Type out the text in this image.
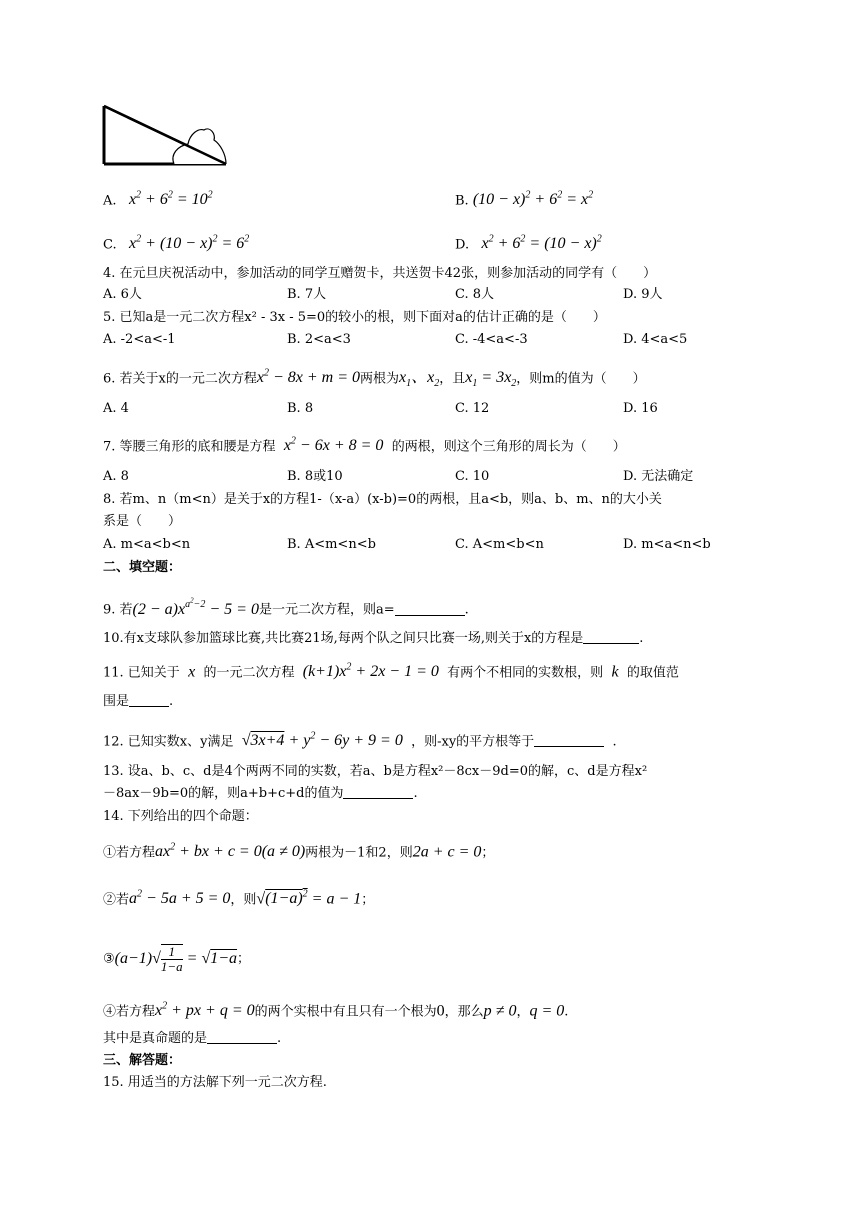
A. $x^2 + 6^2 = 10^2$	B. $(10 - x)^2 + 6^2 = x^2$
C. $x^2 + (10 - x)^2 = 6^2$	D. $x^2 + 6^2 = (10 - x)^2$
4. 在元旦庆祝活动中，参加活动的同学互赠贺卡，共送贺卡42张，则参加活动的同学有（　　）
A. 6人	B. 7人	C. 8人	D. 9人
5. 已知a是一元二次方程x² - 3x - 5=0的较小的根，则下面对a的估计正确的是（　　）
A. -2<a<-1	B. 2<a<3	C. -4<a<-3	D. 4<a<5
6. 若关于x的一元二次方程$x^2 - 8x + m = 0$两根为$x_1$、$x_2$，且$x_1 = 3x_2$，则m的值为（　　）
A. 4	B. 8	C. 12	D. 16
7. 等腰三角形的底和腰是方程 $x^2 - 6x + 8 = 0$ 的两根，则这个三角形的周长为（　　）
A. 8	B. 8或10	C. 10	D. 无法确定
8. 若m、n（m<n）是关于x的方程1-（x-a）(x-b)=0的两根，且a<b，则a、b、m、n的大小关
系是（　　）
A. m<a<b<n	B. A<m<n<b	C. A<m<b<n	D. m<a<n<b
二、填空题：
9. 若$(2 - a)x^{a^2-2} - 5 = 0$是一元二次方程，则a=	.
10.有x支球队参加篮球比赛,共比赛21场,每两个队之间只比赛一场,则关于x的方程是	.
11. 已知关于 x 的一元二次方程 $(k+1)x^2 + 2x - 1 = 0$ 有两个不相同的实数根，则 k 的取值范
围是	.
12. 已知实数x、y满足 $√3x+4 + y^2 - 6y + 9 = 0$ ，则-xy的平方根等于	.
13. 设a、b、c、d是4个两两不同的实数，若a、b是方程x²－8cx－9d=0的解，c、d是方程x²
－8ax－9b=0的解，则a+b+c+d的值为	.
14. 下列给出的四个命题：
①若方程$ax^2$ + bx + c = 0(a ≠ 0)两根为－1和2，则2a + c = 0；
②若$a^2 - 5a + 5 = 0$，则$√(1-a)^2 = a - 1$；
③(a−1)√ $\frac{1}{1-a} = √1-a$；
④若方程$x^2$ + px + q = 0的两个实根中有且只有一个根为0，那么p ≠ 0，q = 0.
其中是真命题的是	.
三、解答题：
15. 用适当的方法解下列一元二次方程.
